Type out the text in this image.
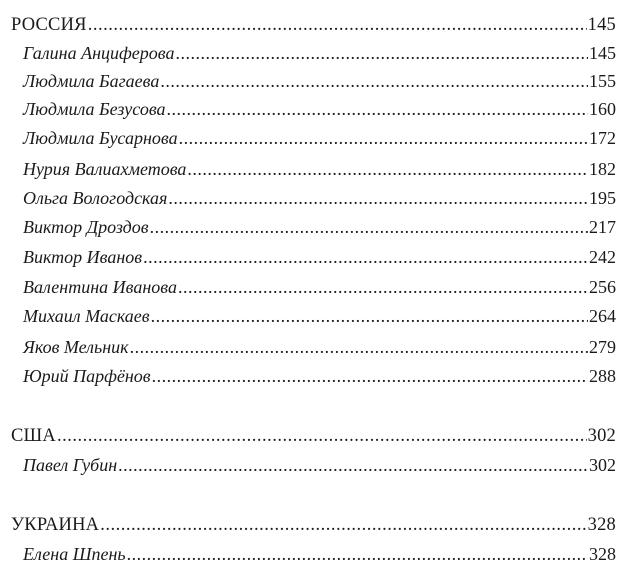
РОССИЯ .....	145
Галина Анциферова .....	145
Людмила Багаева .....	155
Людмила Безусова .....	160
Людмила Бусарнова .....	172
Нурия Валиахметова .....	182
Ольга Вологодская .....	195
Виктор Дроздов .....	217
Виктор Иванов .....	242
Валентина Иванова .....	256
Михаил Маскаев .....	264
Яков Мельник .....	279
Юрий Парфёнов .....	288
США .....	302
Павел Губин .....	302
УКРАИНА .....	328
Елена Шпень .....	328
